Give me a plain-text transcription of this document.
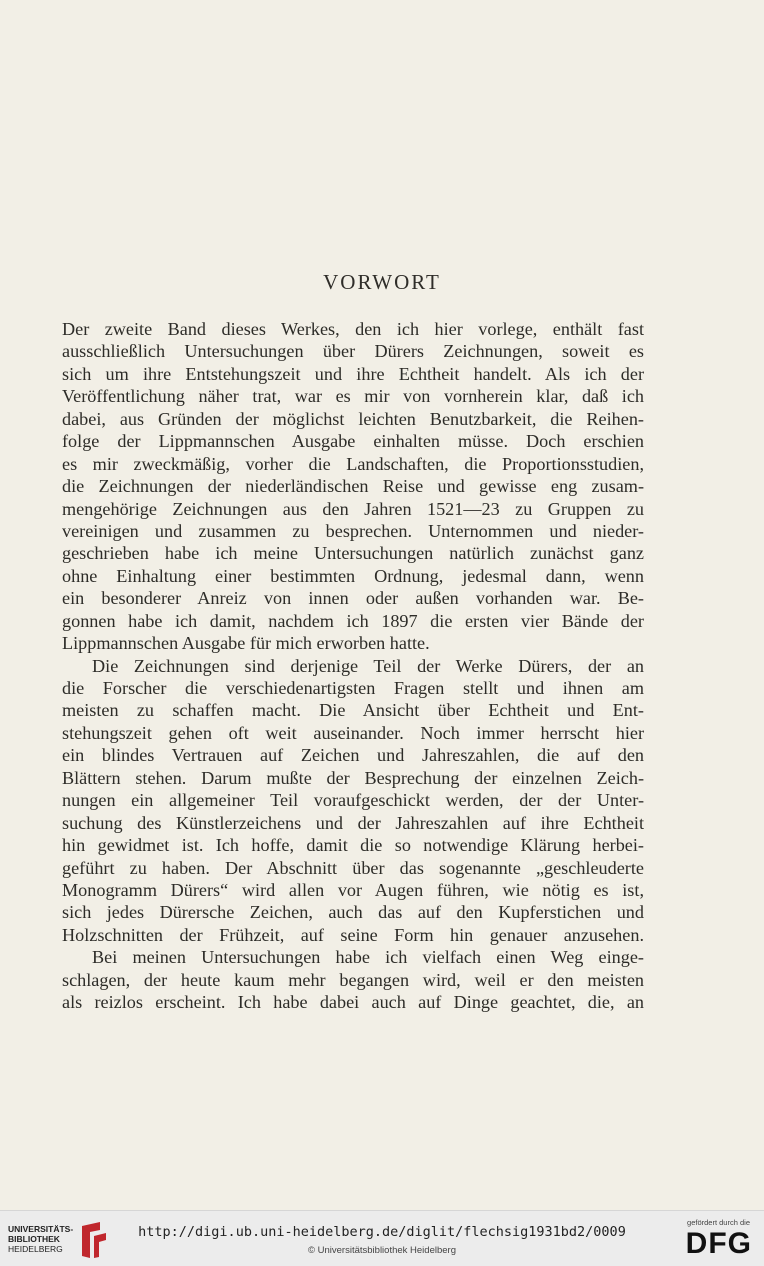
VORWORT
Der zweite Band dieses Werkes, den ich hier vorlege, enthält fast
ausschließlich Untersuchungen über Dürers Zeichnungen, soweit es
sich um ihre Entstehungszeit und ihre Echtheit handelt. Als ich der
Veröffentlichung näher trat, war es mir von vornherein klar, daß ich
dabei, aus Gründen der möglichst leichten Benutzbarkeit, die Reihen-
folge der Lippmannschen Ausgabe einhalten müsse. Doch erschien
es mir zweckmäßig, vorher die Landschaften, die Proportionsstudien,
die Zeichnungen der niederländischen Reise und gewisse eng zusam-
mengehörige Zeichnungen aus den Jahren 1521—23 zu Gruppen zu
vereinigen und zusammen zu besprechen. Unternommen und nieder-
geschrieben habe ich meine Untersuchungen natürlich zunächst ganz
ohne Einhaltung einer bestimmten Ordnung, jedesmal dann, wenn
ein besonderer Anreiz von innen oder außen vorhanden war. Be-
gonnen habe ich damit, nachdem ich 1897 die ersten vier Bände der
Lippmannschen Ausgabe für mich erworben hatte.
Die Zeichnungen sind derjenige Teil der Werke Dürers, der an
die Forscher die verschiedenartigsten Fragen stellt und ihnen am
meisten zu schaffen macht. Die Ansicht über Echtheit und Ent-
stehungszeit gehen oft weit auseinander. Noch immer herrscht hier
ein blindes Vertrauen auf Zeichen und Jahreszahlen, die auf den
Blättern stehen. Darum mußte der Besprechung der einzelnen Zeich-
nungen ein allgemeiner Teil voraufgeschickt werden, der der Unter-
suchung des Künstlerzeichens und der Jahreszahlen auf ihre Echtheit
hin gewidmet ist. Ich hoffe, damit die so notwendige Klärung herbei-
geführt zu haben. Der Abschnitt über das sogenannte „geschleuderte
Monogramm Dürers“ wird allen vor Augen führen, wie nötig es ist,
sich jedes Dürersche Zeichen, auch das auf den Kupferstichen und
Holzschnitten der Frühzeit, auf seine Form hin genauer anzusehen.
Bei meinen Untersuchungen habe ich vielfach einen Weg einge-
schlagen, der heute kaum mehr begangen wird, weil er den meisten
als reizlos erscheint. Ich habe dabei auch auf Dinge geachtet, die, an
UNIVERSITÄTS-
BIBLIOTHEK
HEIDELBERG
http://digi.ub.uni-heidelberg.de/diglit/flechsig1931bd2/0009
© Universitätsbibliothek Heidelberg
gefördert durch die
DFG
